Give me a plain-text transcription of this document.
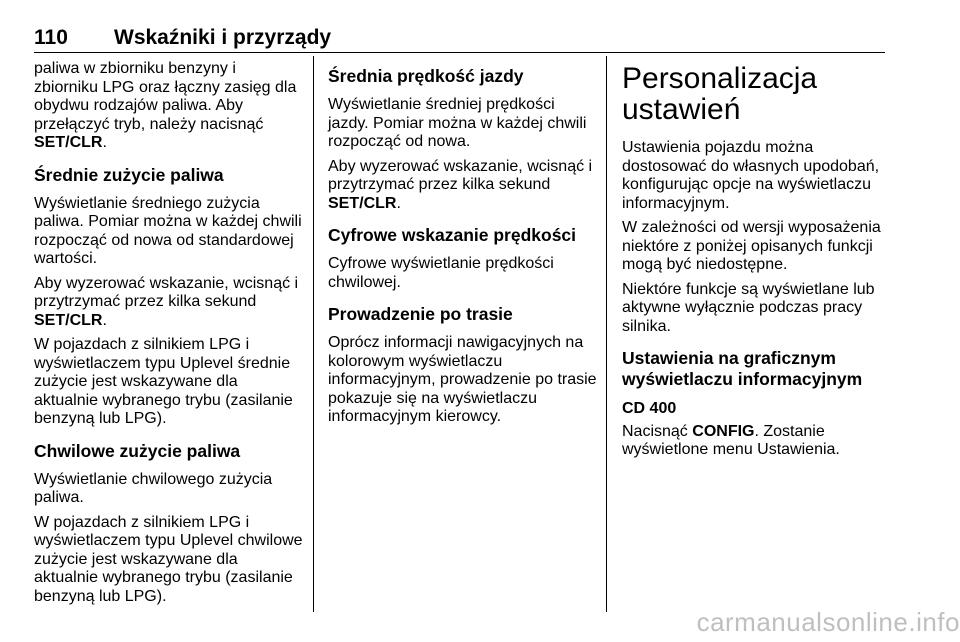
110 Wskaźniki i przyrządy

paliwa w zbiorniku benzyny i zbiorniku LPG oraz łączny zasięg dla obydwu rodzajów paliwa. Aby przełączyć tryb, należy nacisnąć SET/CLR.

Średnie zużycie paliwa

Wyświetlanie średniego zużycia paliwa. Pomiar można w każdej chwili rozpocząć od nowa od standardowej wartości.

Aby wyzerować wskazanie, wcisnąć i przytrzymać przez kilka sekund SET/CLR.

W pojazdach z silnikiem LPG i wyświetlaczem typu Uplevel średnie zużycie jest wskazywane dla aktualnie wybranego trybu (zasilanie benzyną lub LPG).

Chwilowe zużycie paliwa

Wyświetlanie chwilowego zużycia paliwa.

W pojazdach z silnikiem LPG i wyświetlaczem typu Uplevel chwilowe zużycie jest wskazywane dla aktualnie wybranego trybu (zasilanie benzyną lub LPG).

Średnia prędkość jazdy

Wyświetlanie średniej prędkości jazdy. Pomiar można w każdej chwili rozpocząć od nowa.

Aby wyzerować wskazanie, wcisnąć i przytrzymać przez kilka sekund SET/CLR.

Cyfrowe wskazanie prędkości

Cyfrowe wyświetlanie prędkości chwilowej.

Prowadzenie po trasie

Oprócz informacji nawigacyjnych na kolorowym wyświetlaczu informacyjnym, prowadzenie po trasie pokazuje się na wyświetlaczu informacyjnym kierowcy.

Personalizacja ustawień

Ustawienia pojazdu można dostosować do własnych upodobań, konfigurując opcje na wyświetlaczu informacyjnym.

W zależności od wersji wyposażenia niektóre z poniżej opisanych funkcji mogą być niedostępne.

Niektóre funkcje są wyświetlane lub aktywne wyłącznie podczas pracy silnika.

Ustawienia na graficznym wyświetlaczu informacyjnym
CD 400

Nacisnąć CONFIG. Zostanie wyświetlone menu Ustawienia.

carmanualsonline.info
